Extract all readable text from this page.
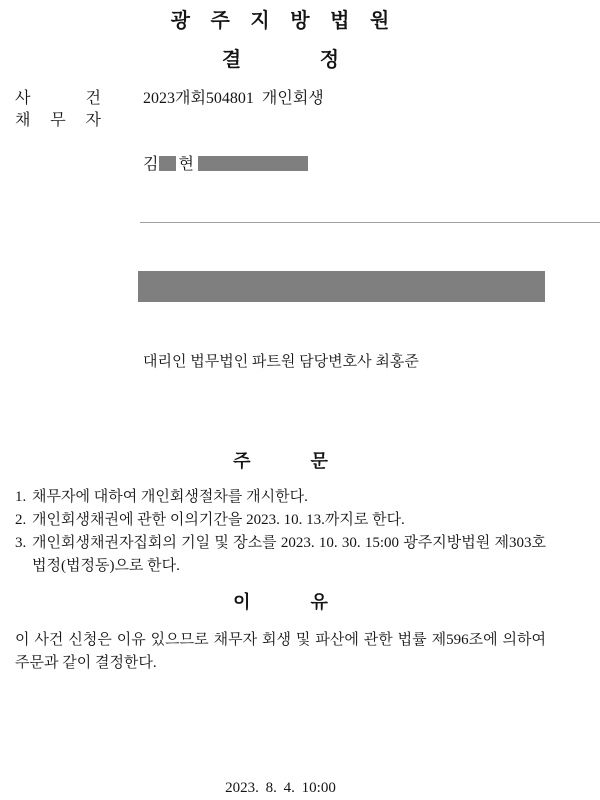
광 주 지 방 법 원
결 정
사 건	2023개회504801  개인회생
채 무 자

김 현

대리인 법무법인 파트원 담당변호사 최홍준

주 문
1. 채무자에 대하여 개인회생절차를 개시한다.
2. 개인회생채권에 관한 이의기간을 2023. 10. 13.까지로 한다.
3. 개인회생채권자집회의 기일 및 장소를 2023. 10. 30. 15:00 광주지방법원 제303호 법정(법정동)으로 한다.
이 유
이 사건 신청은 이유 있으므로 채무자 회생 및 파산에 관한 법률 제596조에 의하여 주문과 같이 결정한다.
2023. 8. 4. 10:00
